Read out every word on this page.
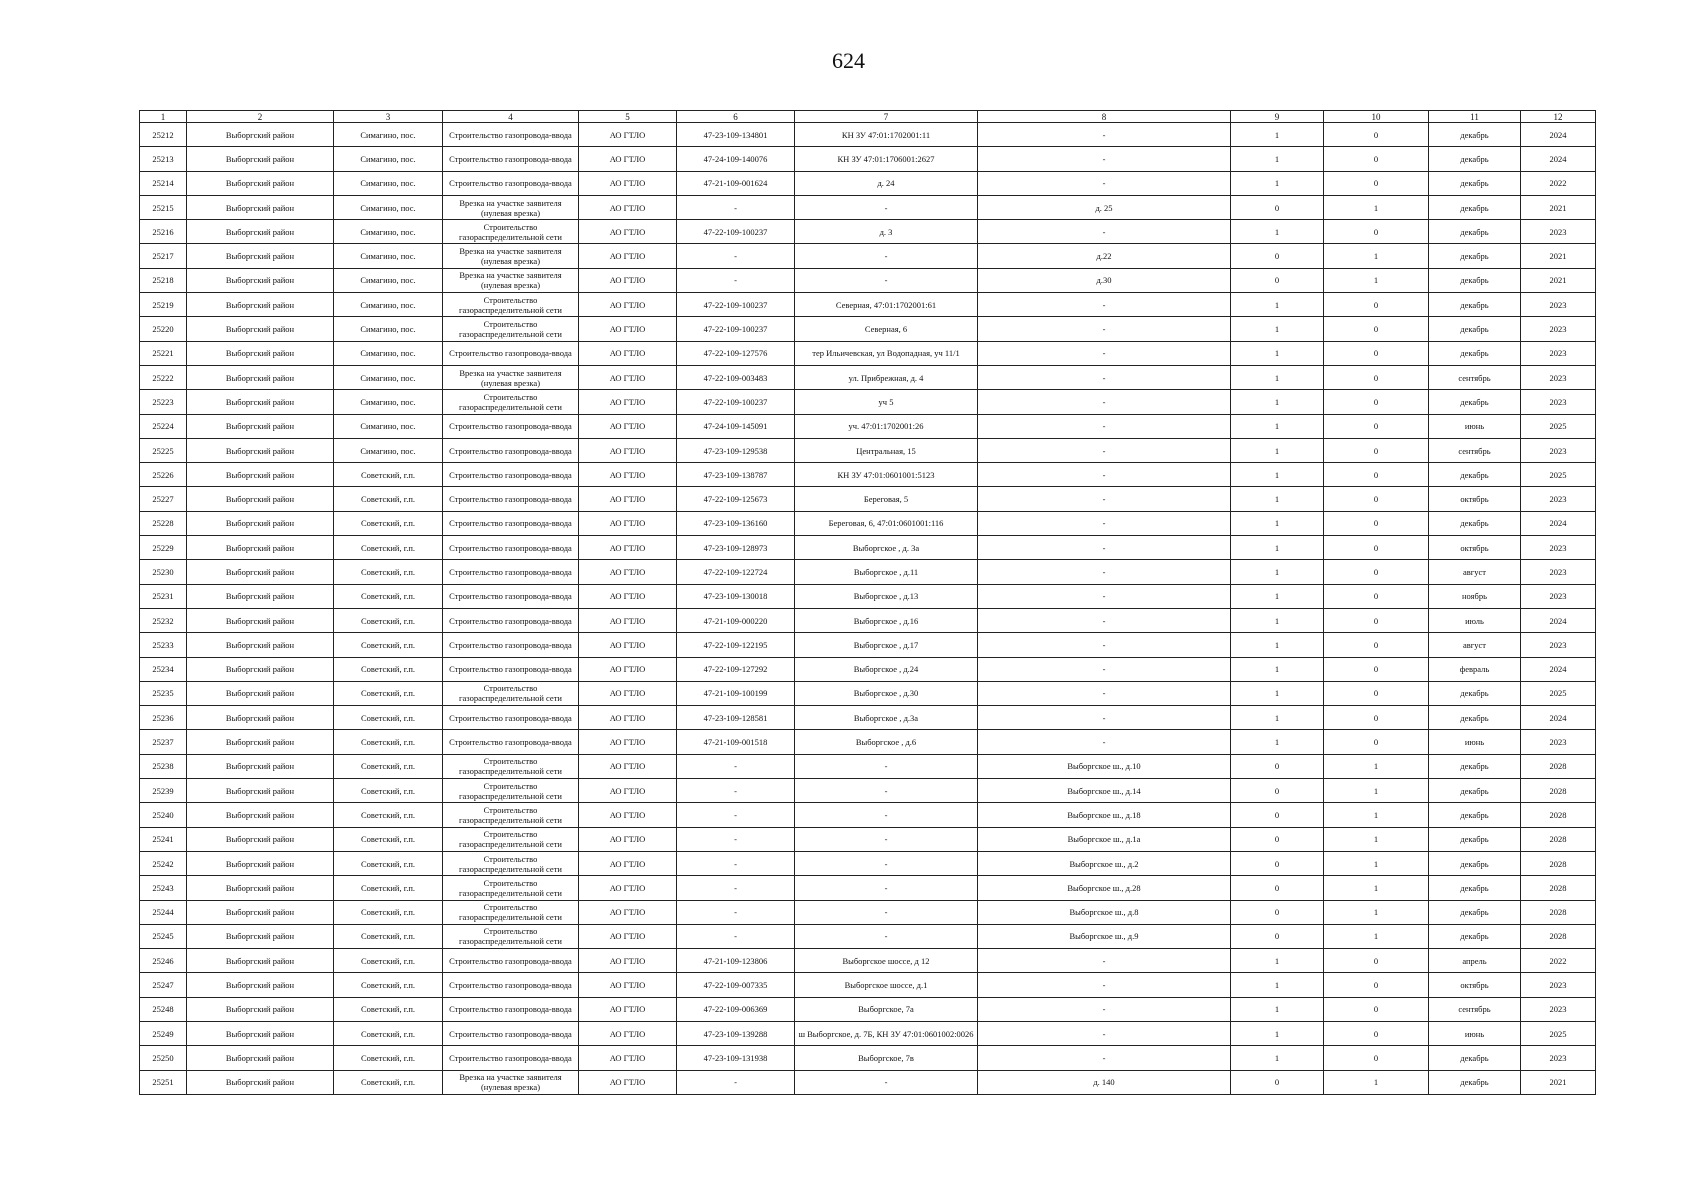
624
1	2	3	4	5	6	7	8	9	10	11	12
25212	Выборгский район	Симагино, пос.	Строительство газопровода-ввода	АО ГТЛО	47-23-109-134801	КН ЗУ 47:01:1702001:11	-	1	0	декабрь	2024
25213	Выборгский район	Симагино, пос.	Строительство газопровода-ввода	АО ГТЛО	47-24-109-140076	КН ЗУ 47:01:1706001:2627	-	1	0	декабрь	2024
25214	Выборгский район	Симагино, пос.	Строительство газопровода-ввода	АО ГТЛО	47-21-109-001624	д. 24	-	1	0	декабрь	2022
25215	Выборгский район	Симагино, пос.	Врезка на участке заявителя (нулевая врезка)	АО ГТЛО	-	-	д. 25	0	1	декабрь	2021
25216	Выборгский район	Симагино, пос.	Строительство газораспределительной сети	АО ГТЛО	47-22-109-100237	д. 3	-	1	0	декабрь	2023
25217	Выборгский район	Симагино, пос.	Врезка на участке заявителя (нулевая врезка)	АО ГТЛО	-	-	д.22	0	1	декабрь	2021
25218	Выборгский район	Симагино, пос.	Врезка на участке заявителя (нулевая врезка)	АО ГТЛО	-	-	д.30	0	1	декабрь	2021
25219	Выборгский район	Симагино, пос.	Строительство газораспределительной сети	АО ГТЛО	47-22-109-100237	Северная, 47:01:1702001:61	-	1	0	декабрь	2023
25220	Выборгский район	Симагино, пос.	Строительство газораспределительной сети	АО ГТЛО	47-22-109-100237	Северная, 6	-	1	0	декабрь	2023
25221	Выборгский район	Симагино, пос.	Строительство газопровода-ввода	АО ГТЛО	47-22-109-127576	тер Ильичевская, ул Водопадная, уч 11/1	-	1	0	декабрь	2023
25222	Выборгский район	Симагино, пос.	Врезка на участке заявителя (нулевая врезка)	АО ГТЛО	47-22-109-003483	ул. Прибрежная, д. 4	-	1	0	сентябрь	2023
25223	Выборгский район	Симагино, пос.	Строительство газораспределительной сети	АО ГТЛО	47-22-109-100237	уч 5	-	1	0	декабрь	2023
25224	Выборгский район	Симагино, пос.	Строительство газопровода-ввода	АО ГТЛО	47-24-109-145091	уч. 47:01:1702001:26	-	1	0	июнь	2025
25225	Выборгский район	Симагино, пос.	Строительство газопровода-ввода	АО ГТЛО	47-23-109-129538	Центральная, 15	-	1	0	сентябрь	2023
25226	Выборгский район	Советский, г.п.	Строительство газопровода-ввода	АО ГТЛО	47-23-109-138787	КН ЗУ 47:01:0601001:5123	-	1	0	декабрь	2025
25227	Выборгский район	Советский, г.п.	Строительство газопровода-ввода	АО ГТЛО	47-22-109-125673	Береговая, 5	-	1	0	октябрь	2023
25228	Выборгский район	Советский, г.п.	Строительство газопровода-ввода	АО ГТЛО	47-23-109-136160	Береговая, 6, 47:01:0601001:116	-	1	0	декабрь	2024
25229	Выборгский район	Советский, г.п.	Строительство газопровода-ввода	АО ГТЛО	47-23-109-128973	Выборгское , д. 3а	-	1	0	октябрь	2023
25230	Выборгский район	Советский, г.п.	Строительство газопровода-ввода	АО ГТЛО	47-22-109-122724	Выборгское , д.11	-	1	0	август	2023
25231	Выборгский район	Советский, г.п.	Строительство газопровода-ввода	АО ГТЛО	47-23-109-130018	Выборгское , д.13	-	1	0	ноябрь	2023
25232	Выборгский район	Советский, г.п.	Строительство газопровода-ввода	АО ГТЛО	47-21-109-000220	Выборгское , д.16	-	1	0	июль	2024
25233	Выборгский район	Советский, г.п.	Строительство газопровода-ввода	АО ГТЛО	47-22-109-122195	Выборгское , д.17	-	1	0	август	2023
25234	Выборгский район	Советский, г.п.	Строительство газопровода-ввода	АО ГТЛО	47-22-109-127292	Выборгское , д.24	-	1	0	февраль	2024
25235	Выборгский район	Советский, г.п.	Строительство газораспределительной сети	АО ГТЛО	47-21-109-100199	Выборгское , д.30	-	1	0	декабрь	2025
25236	Выборгский район	Советский, г.п.	Строительство газопровода-ввода	АО ГТЛО	47-23-109-128581	Выборгское , д.3а	-	1	0	декабрь	2024
25237	Выборгский район	Советский, г.п.	Строительство газопровода-ввода	АО ГТЛО	47-21-109-001518	Выборгское , д.6	-	1	0	июнь	2023
25238	Выборгский район	Советский, г.п.	Строительство газораспределительной сети	АО ГТЛО	-	-	Выборгское ш., д.10	0	1	декабрь	2028
25239	Выборгский район	Советский, г.п.	Строительство газораспределительной сети	АО ГТЛО	-	-	Выборгское ш., д.14	0	1	декабрь	2028
25240	Выборгский район	Советский, г.п.	Строительство газораспределительной сети	АО ГТЛО	-	-	Выборгское ш., д.18	0	1	декабрь	2028
25241	Выборгский район	Советский, г.п.	Строительство газораспределительной сети	АО ГТЛО	-	-	Выборгское ш., д.1а	0	1	декабрь	2028
25242	Выборгский район	Советский, г.п.	Строительство газораспределительной сети	АО ГТЛО	-	-	Выборгское ш., д.2	0	1	декабрь	2028
25243	Выборгский район	Советский, г.п.	Строительство газораспределительной сети	АО ГТЛО	-	-	Выборгское ш., д.28	0	1	декабрь	2028
25244	Выборгский район	Советский, г.п.	Строительство газораспределительной сети	АО ГТЛО	-	-	Выборгское ш., д.8	0	1	декабрь	2028
25245	Выборгский район	Советский, г.п.	Строительство газораспределительной сети	АО ГТЛО	-	-	Выборгское ш., д.9	0	1	декабрь	2028
25246	Выборгский район	Советский, г.п.	Строительство газопровода-ввода	АО ГТЛО	47-21-109-123806	Выборгское шоссе, д 12	-	1	0	апрель	2022
25247	Выборгский район	Советский, г.п.	Строительство газопровода-ввода	АО ГТЛО	47-22-109-007335	Выборгское шоссе, д.1	-	1	0	октябрь	2023
25248	Выборгский район	Советский, г.п.	Строительство газопровода-ввода	АО ГТЛО	47-22-109-006369	Выборгское, 7а	-	1	0	сентябрь	2023
25249	Выборгский район	Советский, г.п.	Строительство газопровода-ввода	АО ГТЛО	47-23-109-139288	ш Выборгское, д. 7Б, КН ЗУ 47:01:0601002:0026	-	1	0	июнь	2025
25250	Выборгский район	Советский, г.п.	Строительство газопровода-ввода	АО ГТЛО	47-23-109-131938	Выборгское, 7в	-	1	0	декабрь	2023
25251	Выборгский район	Советский, г.п.	Врезка на участке заявителя (нулевая врезка)	АО ГТЛО	-	-	д. 140	0	1	декабрь	2021
